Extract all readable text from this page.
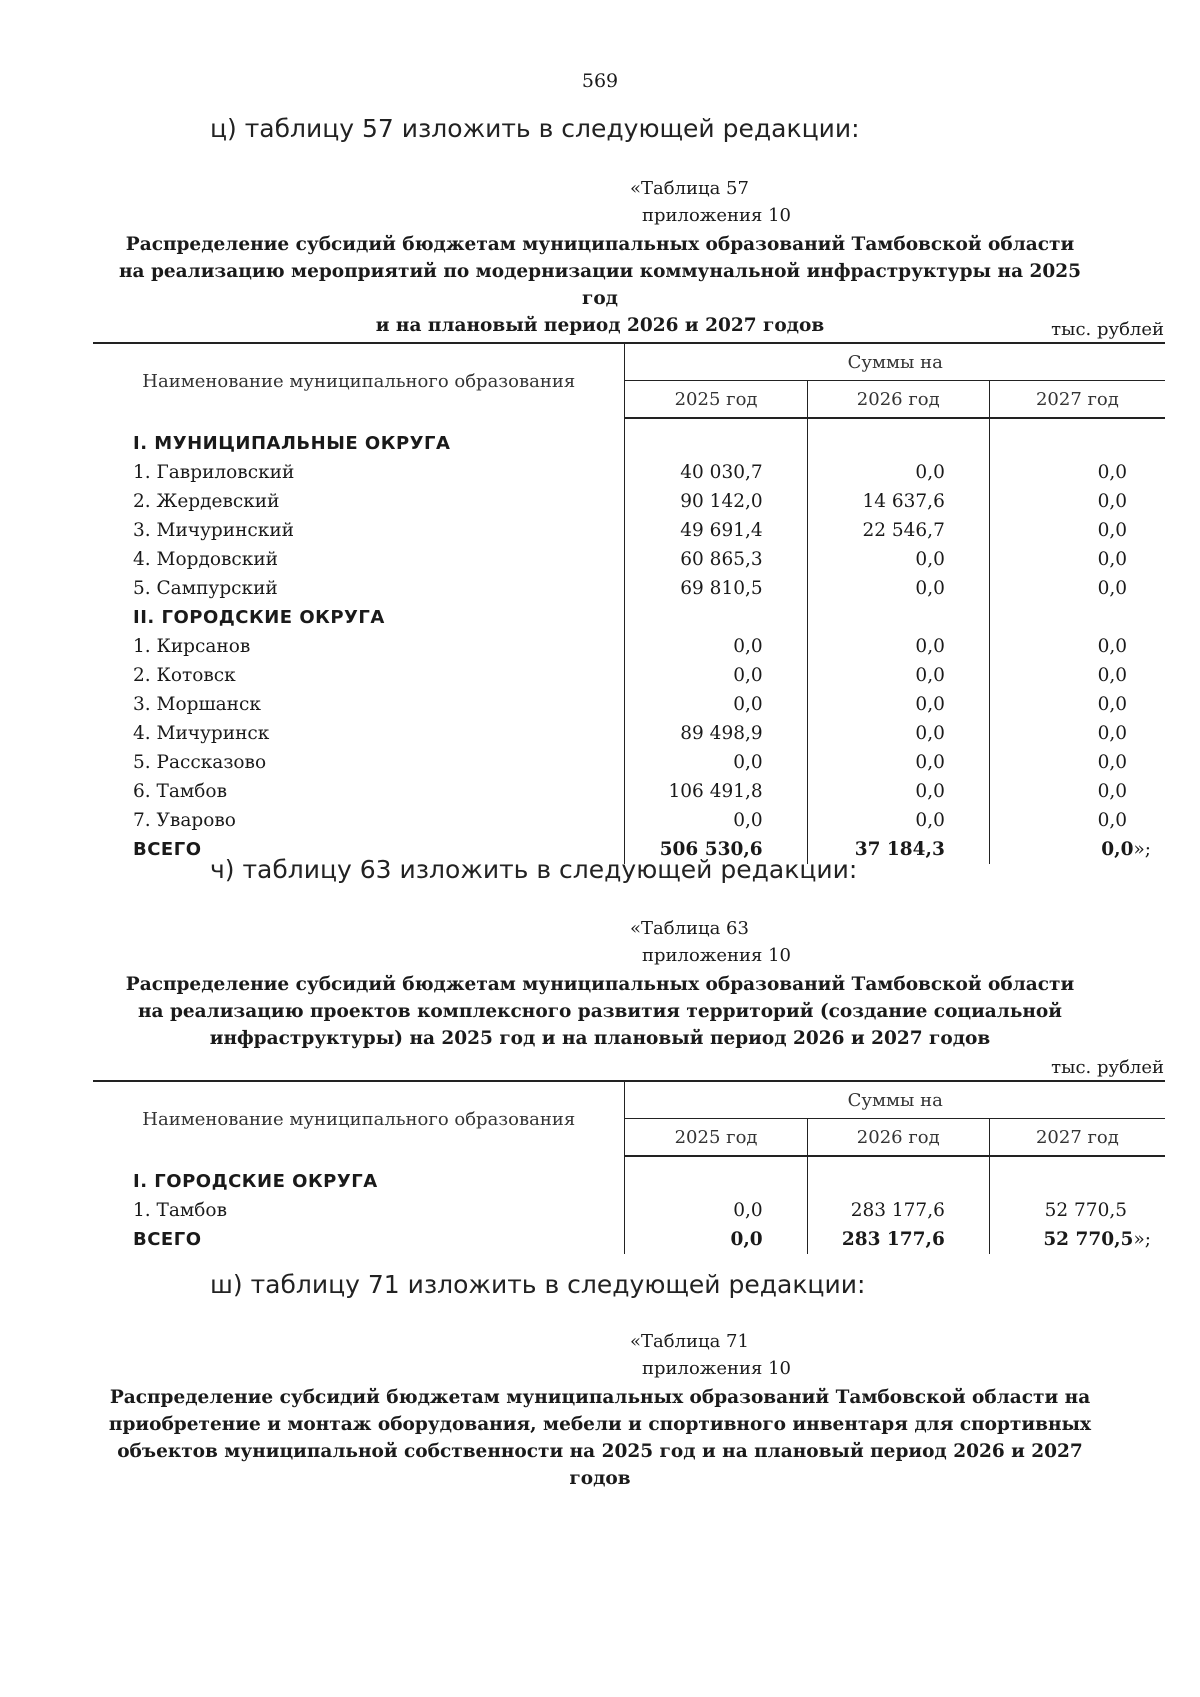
569
ц) таблицу 57 изложить в следующей редакции:
«Таблица 57
приложения 10
Распределение субсидий бюджетам муниципальных образований Тамбовской области
на реализацию мероприятий по модернизации коммунальной инфраструктуры на 2025 год
и на плановый период 2026 и 2027 годов	тыс. рублей
Наименование муниципального образования	Суммы на		
	2025 год	2026 год	2027 год
I. МУНИЦИПАЛЬНЫЕ ОКРУГА			
1. Гавриловский	40 030,7	0,0	0,0
2. Жердевский	90 142,0	14 637,6	0,0
3. Мичуринский	49 691,4	22 546,7	0,0
4. Мордовский	60 865,3	0,0	0,0
5. Сампурский	69 810,5	0,0	0,0
II. ГОРОДСКИЕ ОКРУГА			
1. Кирсанов	0,0	0,0	0,0
2. Котовск	0,0	0,0	0,0
3. Моршанск	0,0	0,0	0,0
4. Мичуринск	89 498,9	0,0	0,0
5. Рассказово	0,0	0,0	0,0
6. Тамбов	106 491,8	0,0	0,0
7. Уварово	0,0	0,0	0,0
ВСЕГО	506 530,6	37 184,3	0,0»;
ч) таблицу 63 изложить в следующей редакции:
«Таблица 63
приложения 10
Распределение субсидий бюджетам муниципальных образований Тамбовской области
на реализацию проектов комплексного развития территорий (создание социальной
инфраструктуры) на 2025 год и на плановый период 2026 и 2027 годов
тыс. рублей
Наименование муниципального образования	Суммы на		
	2025 год	2026 год	2027 год
I. ГОРОДСКИЕ ОКРУГА			
1. Тамбов	0,0	283 177,6	52 770,5
ВСЕГО	0,0	283 177,6	52 770,5»;
ш) таблицу 71 изложить в следующей редакции:
«Таблица 71
приложения 10
Распределение субсидий бюджетам муниципальных образований Тамбовской области на
приобретение и монтаж оборудования, мебели и спортивного инвентаря для спортивных
объектов муниципальной собственности на 2025 год и на плановый период 2026 и 2027 годов
